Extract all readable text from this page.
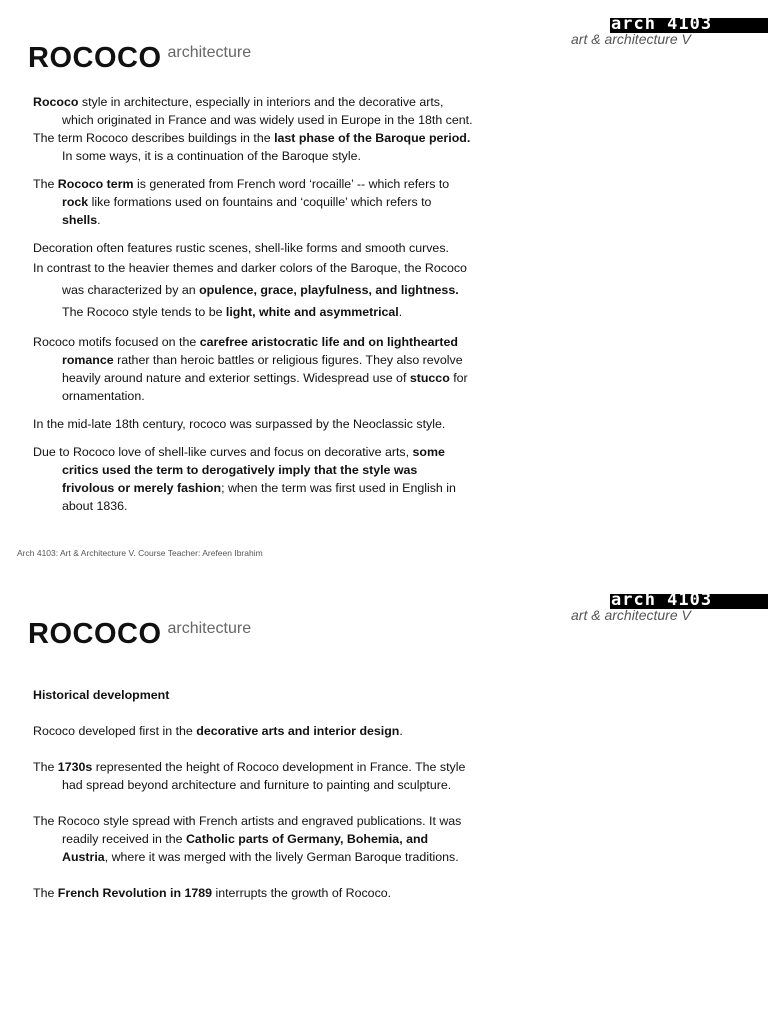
arch 4103
art & architecture V
ROCOCO architecture

Rococo style in architecture, especially in interiors and the decorative arts, which originated in France and was widely used in Europe in the 18th cent.

The term Rococo describes buildings in the last phase of the Baroque period. In some ways, it is a continuation of the Baroque style.

The Rococo term is generated from French word ‘rocaille’ -- which refers to rock like formations used on fountains and ‘coquille’ which refers to shells.

Decoration often features rustic scenes, shell-like forms and smooth curves.

In contrast to the heavier themes and darker colors of the Baroque, the Rococo was characterized by an opulence, grace, playfulness, and lightness. The Rococo style tends to be light, white and asymmetrical.

Rococo motifs focused on the carefree aristocratic life and on lighthearted romance rather than heroic battles or religious figures. They also revolve heavily around nature and exterior settings. Widespread use of stucco for ornamentation.

In the mid-late 18th century, rococo was surpassed by the Neoclassic style.

Due to Rococo love of shell-like curves and focus on decorative arts, some critics used the term to derogatively imply that the style was frivolous or merely fashion; when the term was first used in English in about 1836.

Arch 4103: Art & Architecture V. Course Teacher: Arefeen Ibrahim
arch 4103
art & architecture V
ROCOCO architecture

Historical development

Rococo developed first in the decorative arts and interior design.

The 1730s represented the height of Rococo development in France. The style had spread beyond architecture and furniture to painting and sculpture.

The Rococo style spread with French artists and engraved publications. It was readily received in the Catholic parts of Germany, Bohemia, and Austria, where it was merged with the lively German Baroque traditions.

The French Revolution in 1789 interrupts the growth of Rococo.
